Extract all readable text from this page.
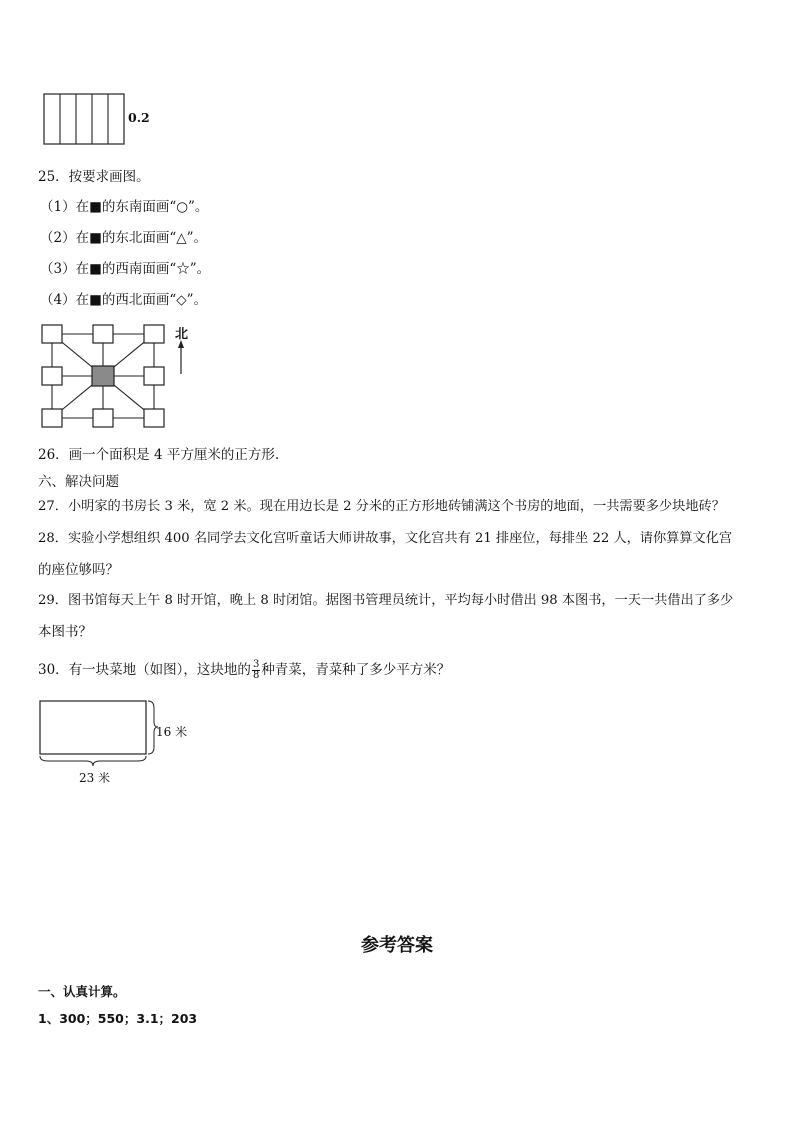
0.2
25．按要求画图。
（1）在■的东南面画“○”。
（2）在■的东北面画“△”。
（3）在■的西南面画“☆”。
（4）在■的西北面画“◇”。
北
26．画一个面积是 4 平方厘米的正方形.
六、解决问题
27．小明家的书房长 3 米，宽 2 米。现在用边长是 2 分米的正方形地砖铺满这个书房的地面，一共需要多少块地砖？
28．实验小学想组织 400 名同学去文化宫听童话大师讲故事，文化宫共有 21 排座位，每排坐 22 人，请你算算文化宫
的座位够吗？
29．图书馆每天上午 8 时开馆，晚上 8 时闭馆。据图书管理员统计，平均每小时借出 98 本图书，一天一共借出了多少
本图书？
30．有一块菜地（如图），这块地的 $\frac{3}{8}$ 种青菜，青菜种了多少平方米？
16 米
23 米
参考答案
一、认真计算。
1、300；550；3.1；203
